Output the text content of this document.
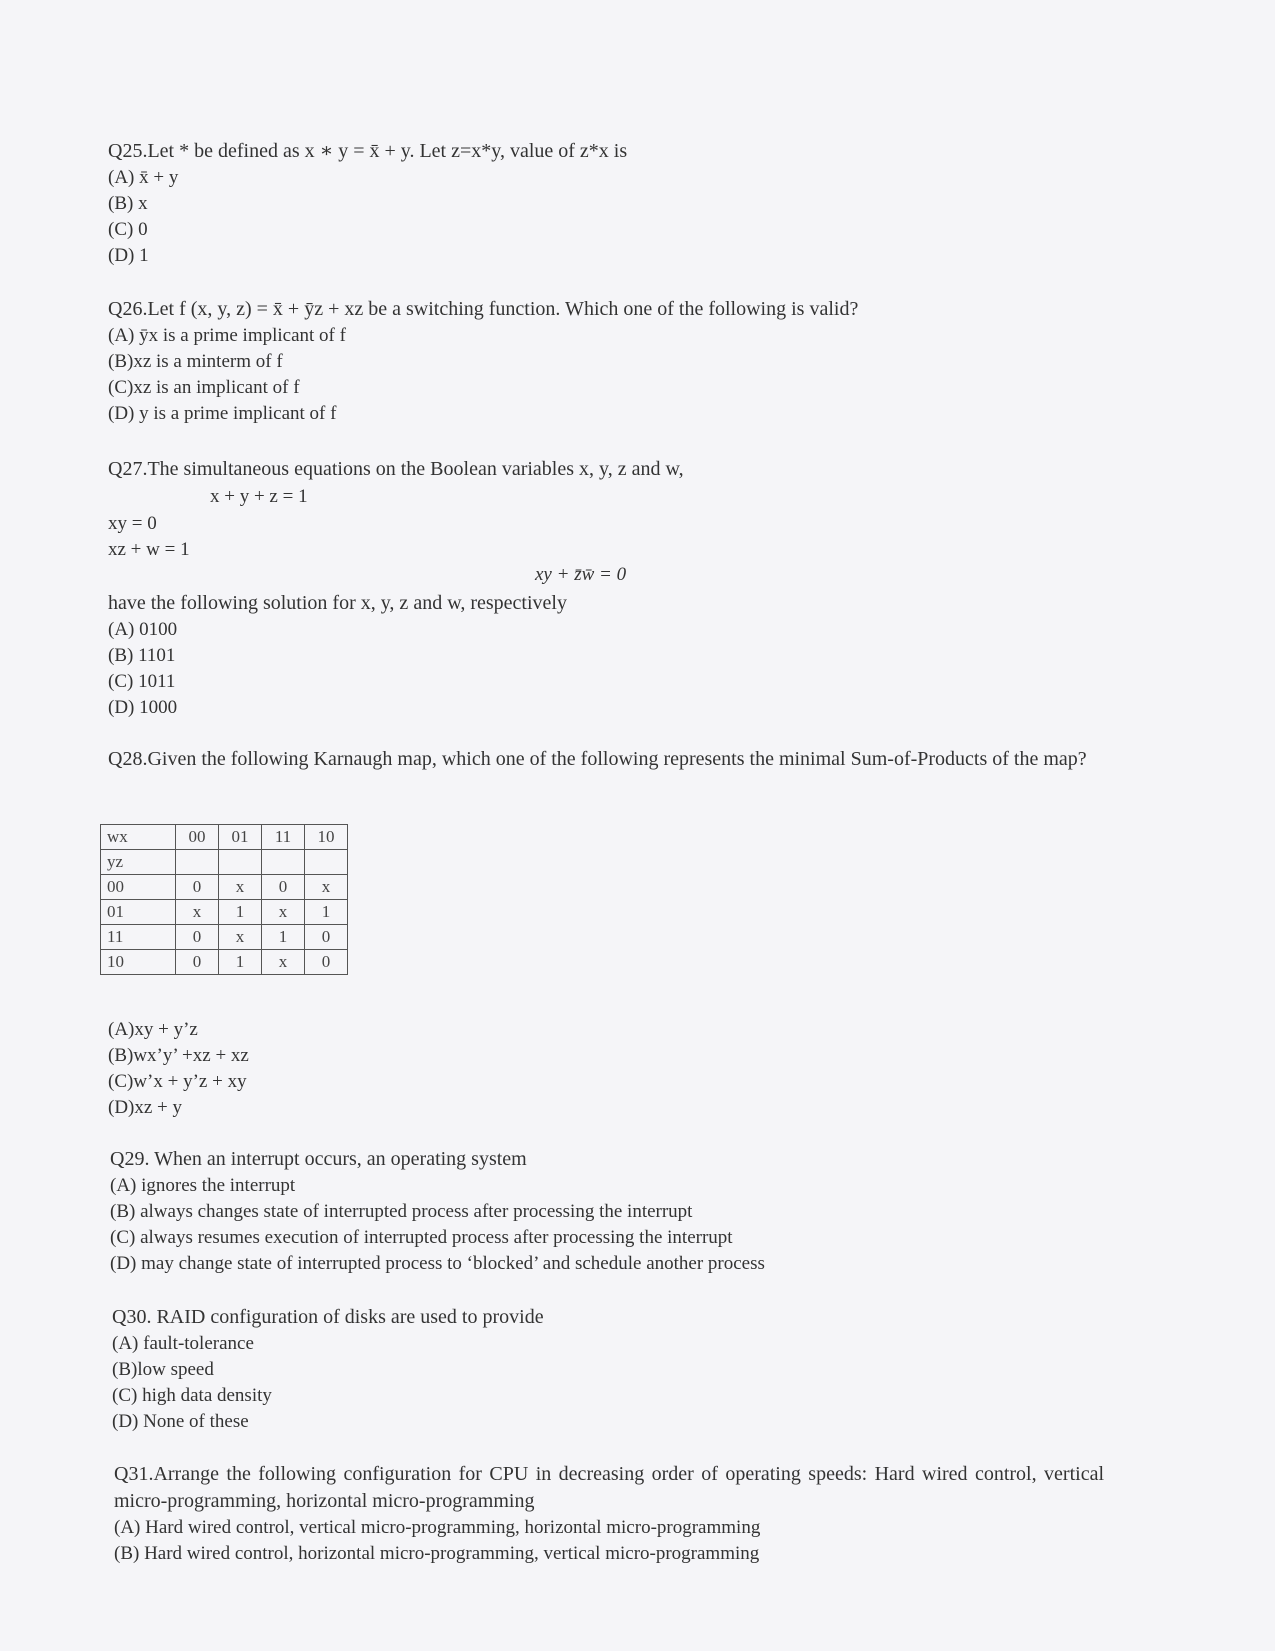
Q25.Let * be defined as x ∗ y = x̄ + y. Let z=x*y, value of z*x is
(A) x̄ + y
(B) x
(C) 0
(D) 1
Q26.Let f (x, y, z) = x̄ + ȳz + xz be a switching function. Which one of the following is valid?
(A) ȳx is a prime implicant of f
(B)xz is a minterm of f
(C)xz is an implicant of f
(D) y is a prime implicant of f
Q27.The simultaneous equations on the Boolean variables x, y, z and w,
x + y + z = 1
xy = 0
xz + w = 1
xy + z̄w̄ = 0
have the following solution for x, y, z and w, respectively
(A) 0100
(B) 1101
(C) 1011
(D) 1000
Q28.Given the following Karnaugh map, which one of the following represents the minimal Sum-of-Products of the map?
wx	00	01	11	10
yz				
00	0	x	0	x
01	x	1	x	1
11	0	x	1	0
10	0	1	x	0
(A)xy + y’z
(B)wx’y’ +xz + xz
(C)w’x + y’z + xy
(D)xz + y
Q29. When an interrupt occurs, an operating system
(A) ignores the interrupt
(B) always changes state of interrupted process after processing the interrupt
(C) always resumes execution of interrupted process after processing the interrupt
(D) may change state of interrupted process to ‘blocked’ and schedule another process
Q30. RAID configuration of disks are used to provide
(A) fault-tolerance
(B)low speed
(C) high data density
(D) None of these
Q31.Arrange the following configuration for CPU in decreasing order of operating speeds: Hard wired control, vertical micro-programming, horizontal micro-programming
(A) Hard wired control, vertical micro-programming, horizontal micro-programming
(B) Hard wired control, horizontal micro-programming, vertical micro-programming
